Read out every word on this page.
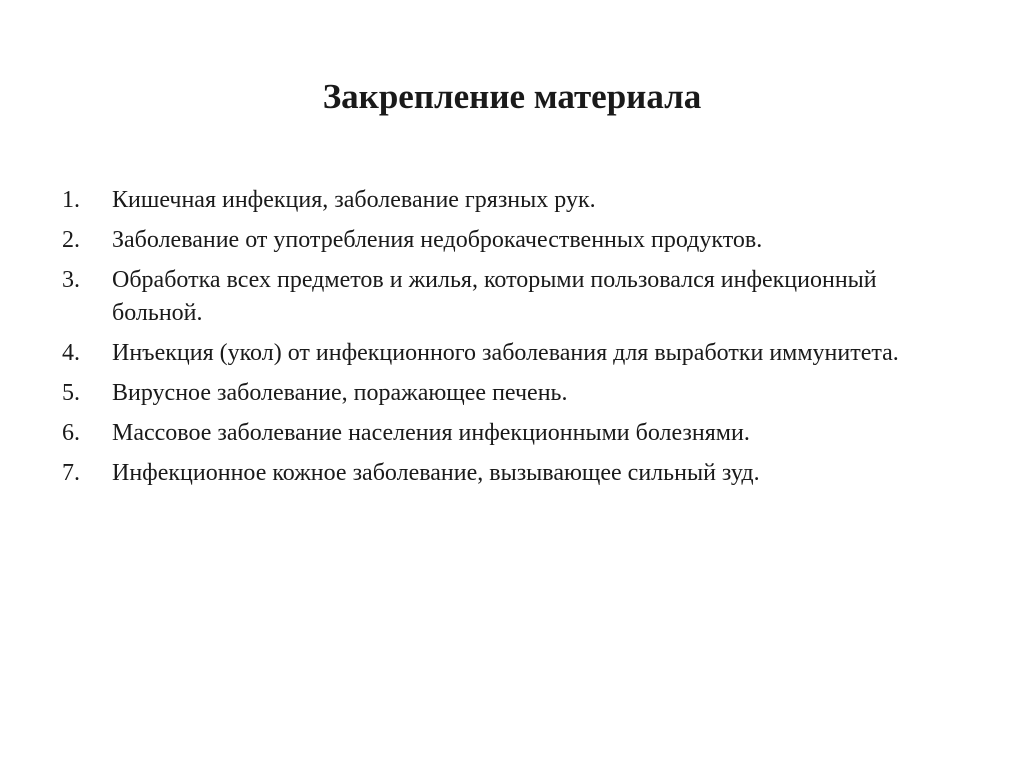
Закрепление материала
1.	Кишечная инфекция, заболевание грязных рук.
2.	Заболевание от употребления недоброкачественных продуктов.
3.	Обработка всех предметов и жилья, которыми пользовался инфекционный больной.
4.	Инъекция (укол) от инфекционного заболевания для выработки иммунитета.
5.	Вирусное заболевание, поражающее печень.
6.	Массовое заболевание населения инфекционными болезнями.
7.	Инфекционное кожное заболевание, вызывающее сильный зуд.
